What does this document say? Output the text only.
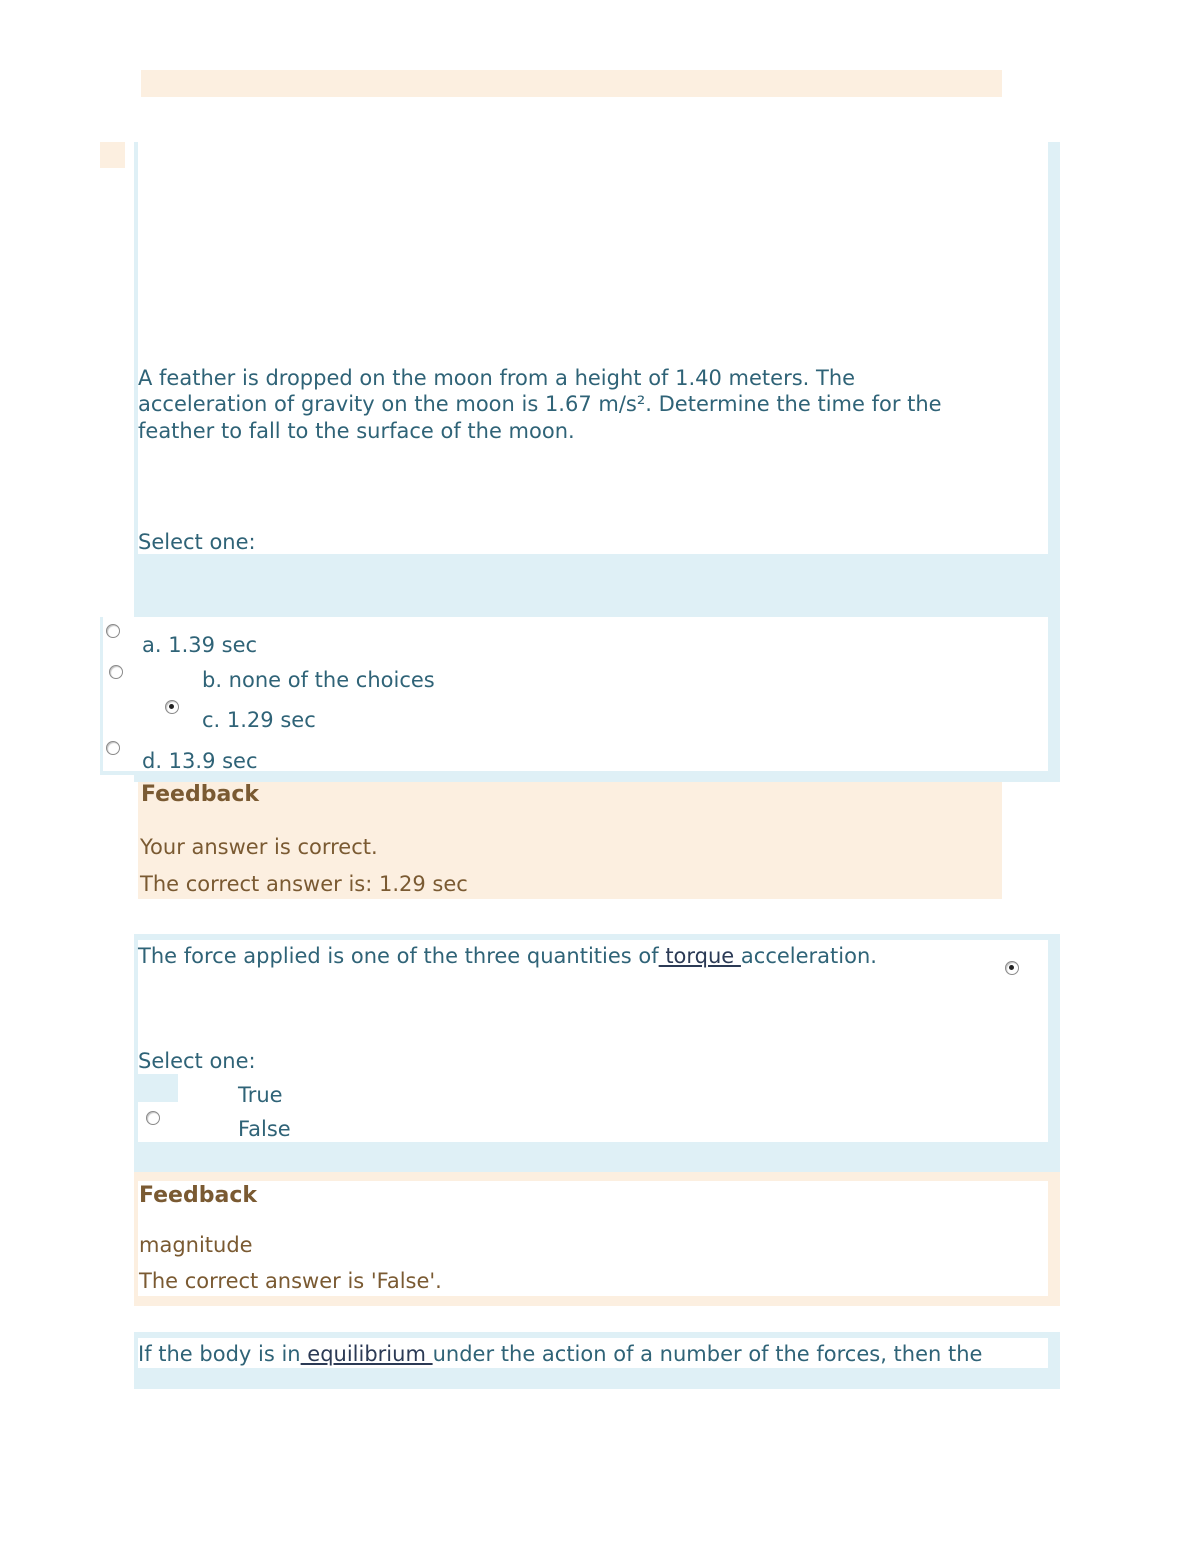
A feather is dropped on the moon from a height of 1.40 meters. The
acceleration of gravity on the moon is 1.67 m/s². Determine the time for the
feather to fall to the surface of the moon.
Select one:
a. 1.39 sec
b. none of the choices
c. 1.29 sec
d. 13.9 sec
Feedback
Your answer is correct.
The correct answer is: 1.29 sec
The force applied is one of the three quantities of torque acceleration.
Select one:
True
False
Feedback
magnitude
The correct answer is 'False'.
If the body is in equilibrium under the action of a number of the forces, then the
